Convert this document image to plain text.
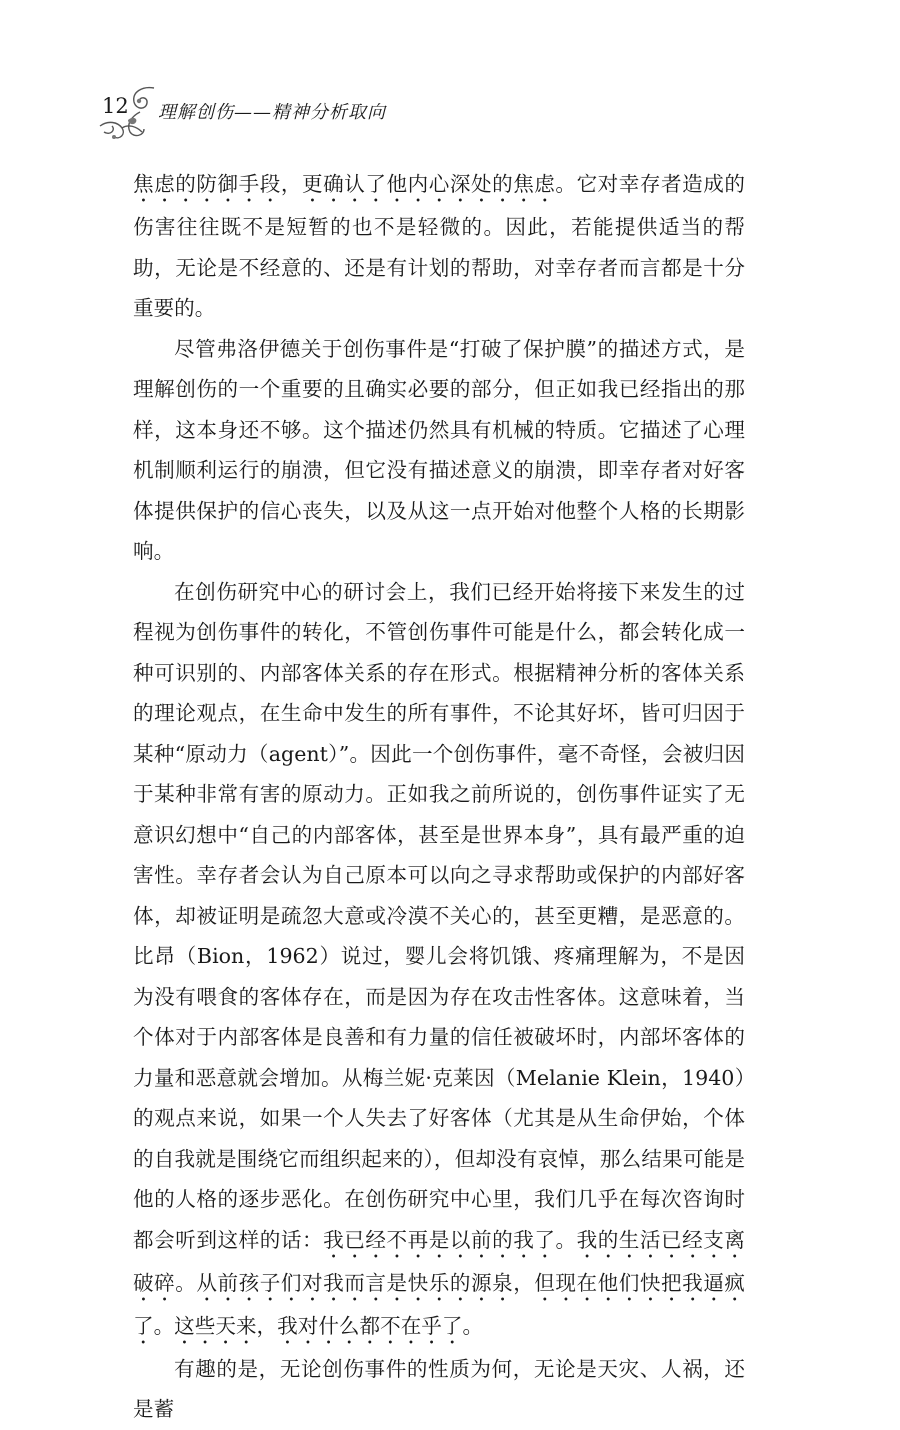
12 理解创伤——精神分析取向

焦虑的防御手段，更确认了他内心深处的焦虑。它对幸存者造成的伤害往往既不是短暂的也不是轻微的。因此，若能提供适当的帮助，无论是不经意的、还是有计划的帮助，对幸存者而言都是十分重要的。

尽管弗洛伊德关于创伤事件是“打破了保护膜”的描述方式，是理解创伤的一个重要的且确实必要的部分，但正如我已经指出的那样，这本身还不够。这个描述仍然具有机械的特质。它描述了心理机制顺利运行的崩溃，但它没有描述意义的崩溃，即幸存者对好客体提供保护的信心丧失，以及从这一点开始对他整个人格的长期影响。

在创伤研究中心的研讨会上，我们已经开始将接下来发生的过程视为创伤事件的转化，不管创伤事件可能是什么，都会转化成一种可识别的、内部客体关系的存在形式。根据精神分析的客体关系的理论观点，在生命中发生的所有事件，不论其好坏，皆可归因于某种“原动力（agent）”。因此一个创伤事件，毫不奇怪，会被归因于某种非常有害的原动力。正如我之前所说的，创伤事件证实了无意识幻想中“自己的内部客体，甚至是世界本身”，具有最严重的迫害性。幸存者会认为自己原本可以向之寻求帮助或保护的内部好客体，却被证明是疏忽大意或冷漠不关心的，甚至更糟，是恶意的。比昂（Bion，1962）说过，婴儿会将饥饿、疼痛理解为，不是因为没有喂食的客体存在，而是因为存在攻击性客体。这意味着，当个体对于内部客体是良善和有力量的信任被破坏时，内部坏客体的力量和恶意就会增加。从梅兰妮·克莱因（Melanie Klein，1940）的观点来说，如果一个人失去了好客体（尤其是从生命伊始，个体的自我就是围绕它而组织起来的），但却没有哀悼，那么结果可能是他的人格的逐步恶化。在创伤研究中心里，我们几乎在每次咨询时都会听到这样的话：我已经不再是以前的我了。我的生活已经支离破碎。从前孩子们对我而言是快乐的源泉，但现在他们快把我逼疯了。这些天来，我对什么都不在乎了。

有趣的是，无论创伤事件的性质为何，无论是天灾、人祸，还是蓄
